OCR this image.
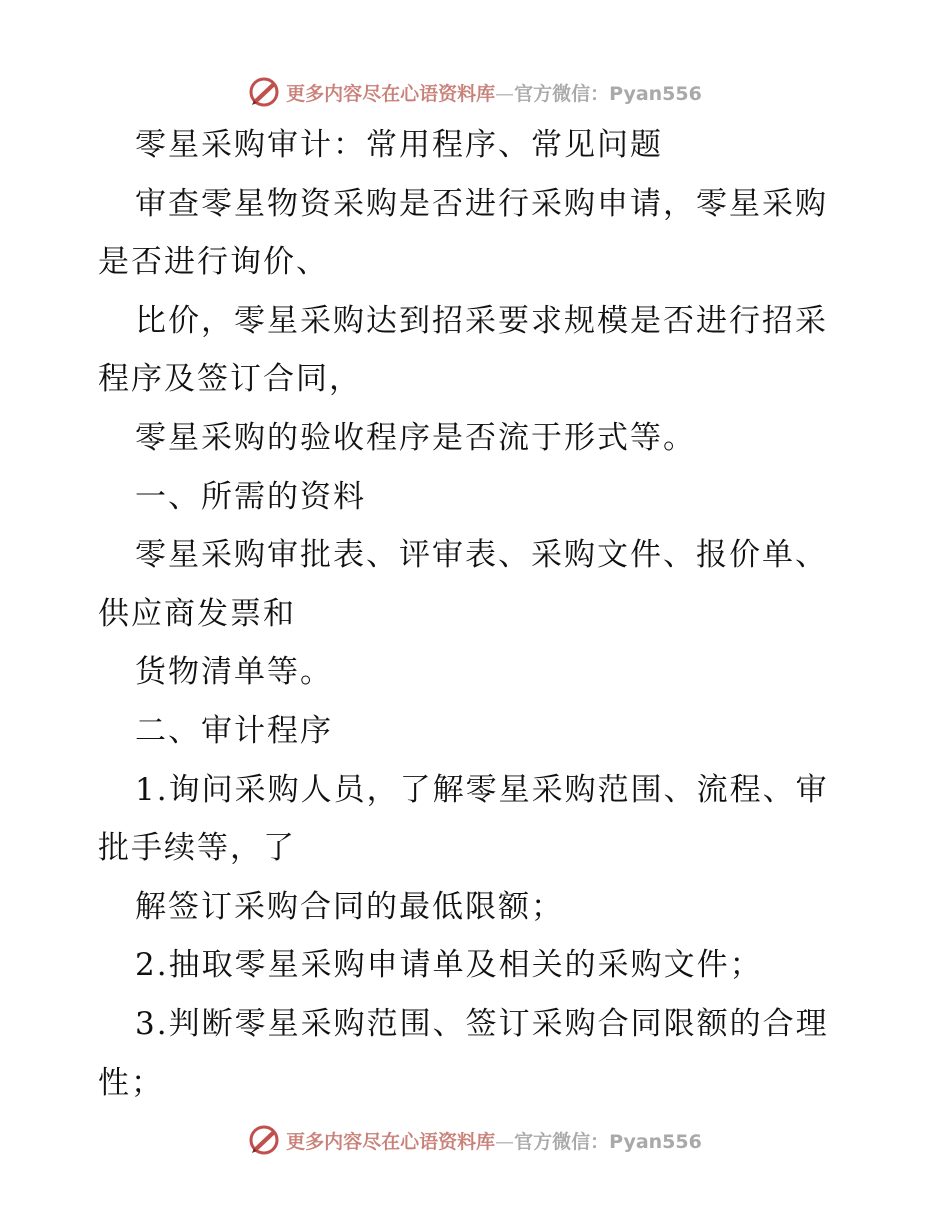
更多内容尽在心语资料库—官方微信：Pyan556
零星采购审计：常用程序、常见问题
审查零星物资采购是否进行采购申请，零星采购
是否进行询价、
比价，零星采购达到招采要求规模是否进行招采
程序及签订合同，
零星采购的验收程序是否流于形式等。
一、所需的资料
零星采购审批表、评审表、采购文件、报价单、
供应商发票和
货物清单等。
二、审计程序
1.询问采购人员，了解零星采购范围、流程、审
批手续等，了
解签订采购合同的最低限额；
2.抽取零星采购申请单及相关的采购文件；
3.判断零星采购范围、签订采购合同限额的合理
性；
更多内容尽在心语资料库—官方微信：Pyan556
